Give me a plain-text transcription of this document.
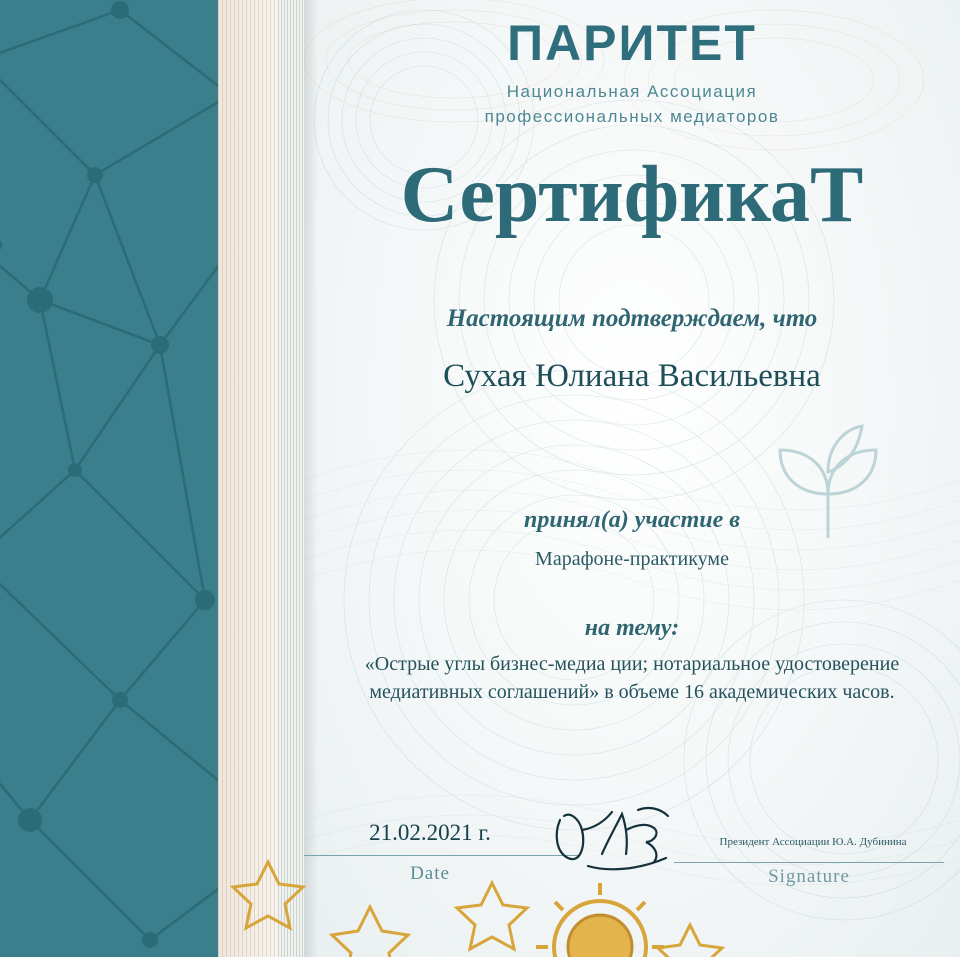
ПАРИТЕТ
Национальная Ассоциация
профессиональных медиаторов
СертификаТ
Настоящим подтверждаем, что
Сухая Юлиана Васильевна
принял(а) участие в
Марафоне-практикуме
на тему:
«Острые углы бизнес-медиа ции; нотариальное удостоверение медиативных соглашений» в объеме 16 академических часов.
21.02.2021 г.
Date
Президент Ассоциации Ю.А. Дубинина
Signature
